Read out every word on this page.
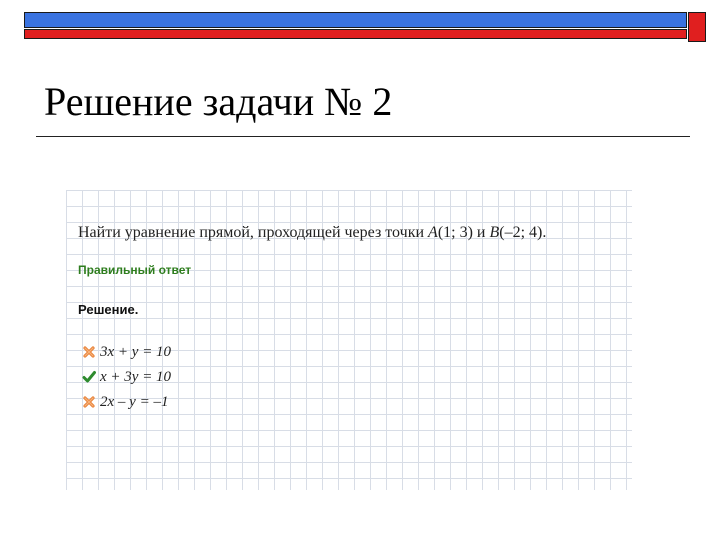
Решение задачи № 2
Найти уравнение прямой, проходящей через точки A(1; 3) и B(–2; 4).
Правильный ответ
Решение.
3x + y = 10
x + 3y = 10
2x – y = –1
